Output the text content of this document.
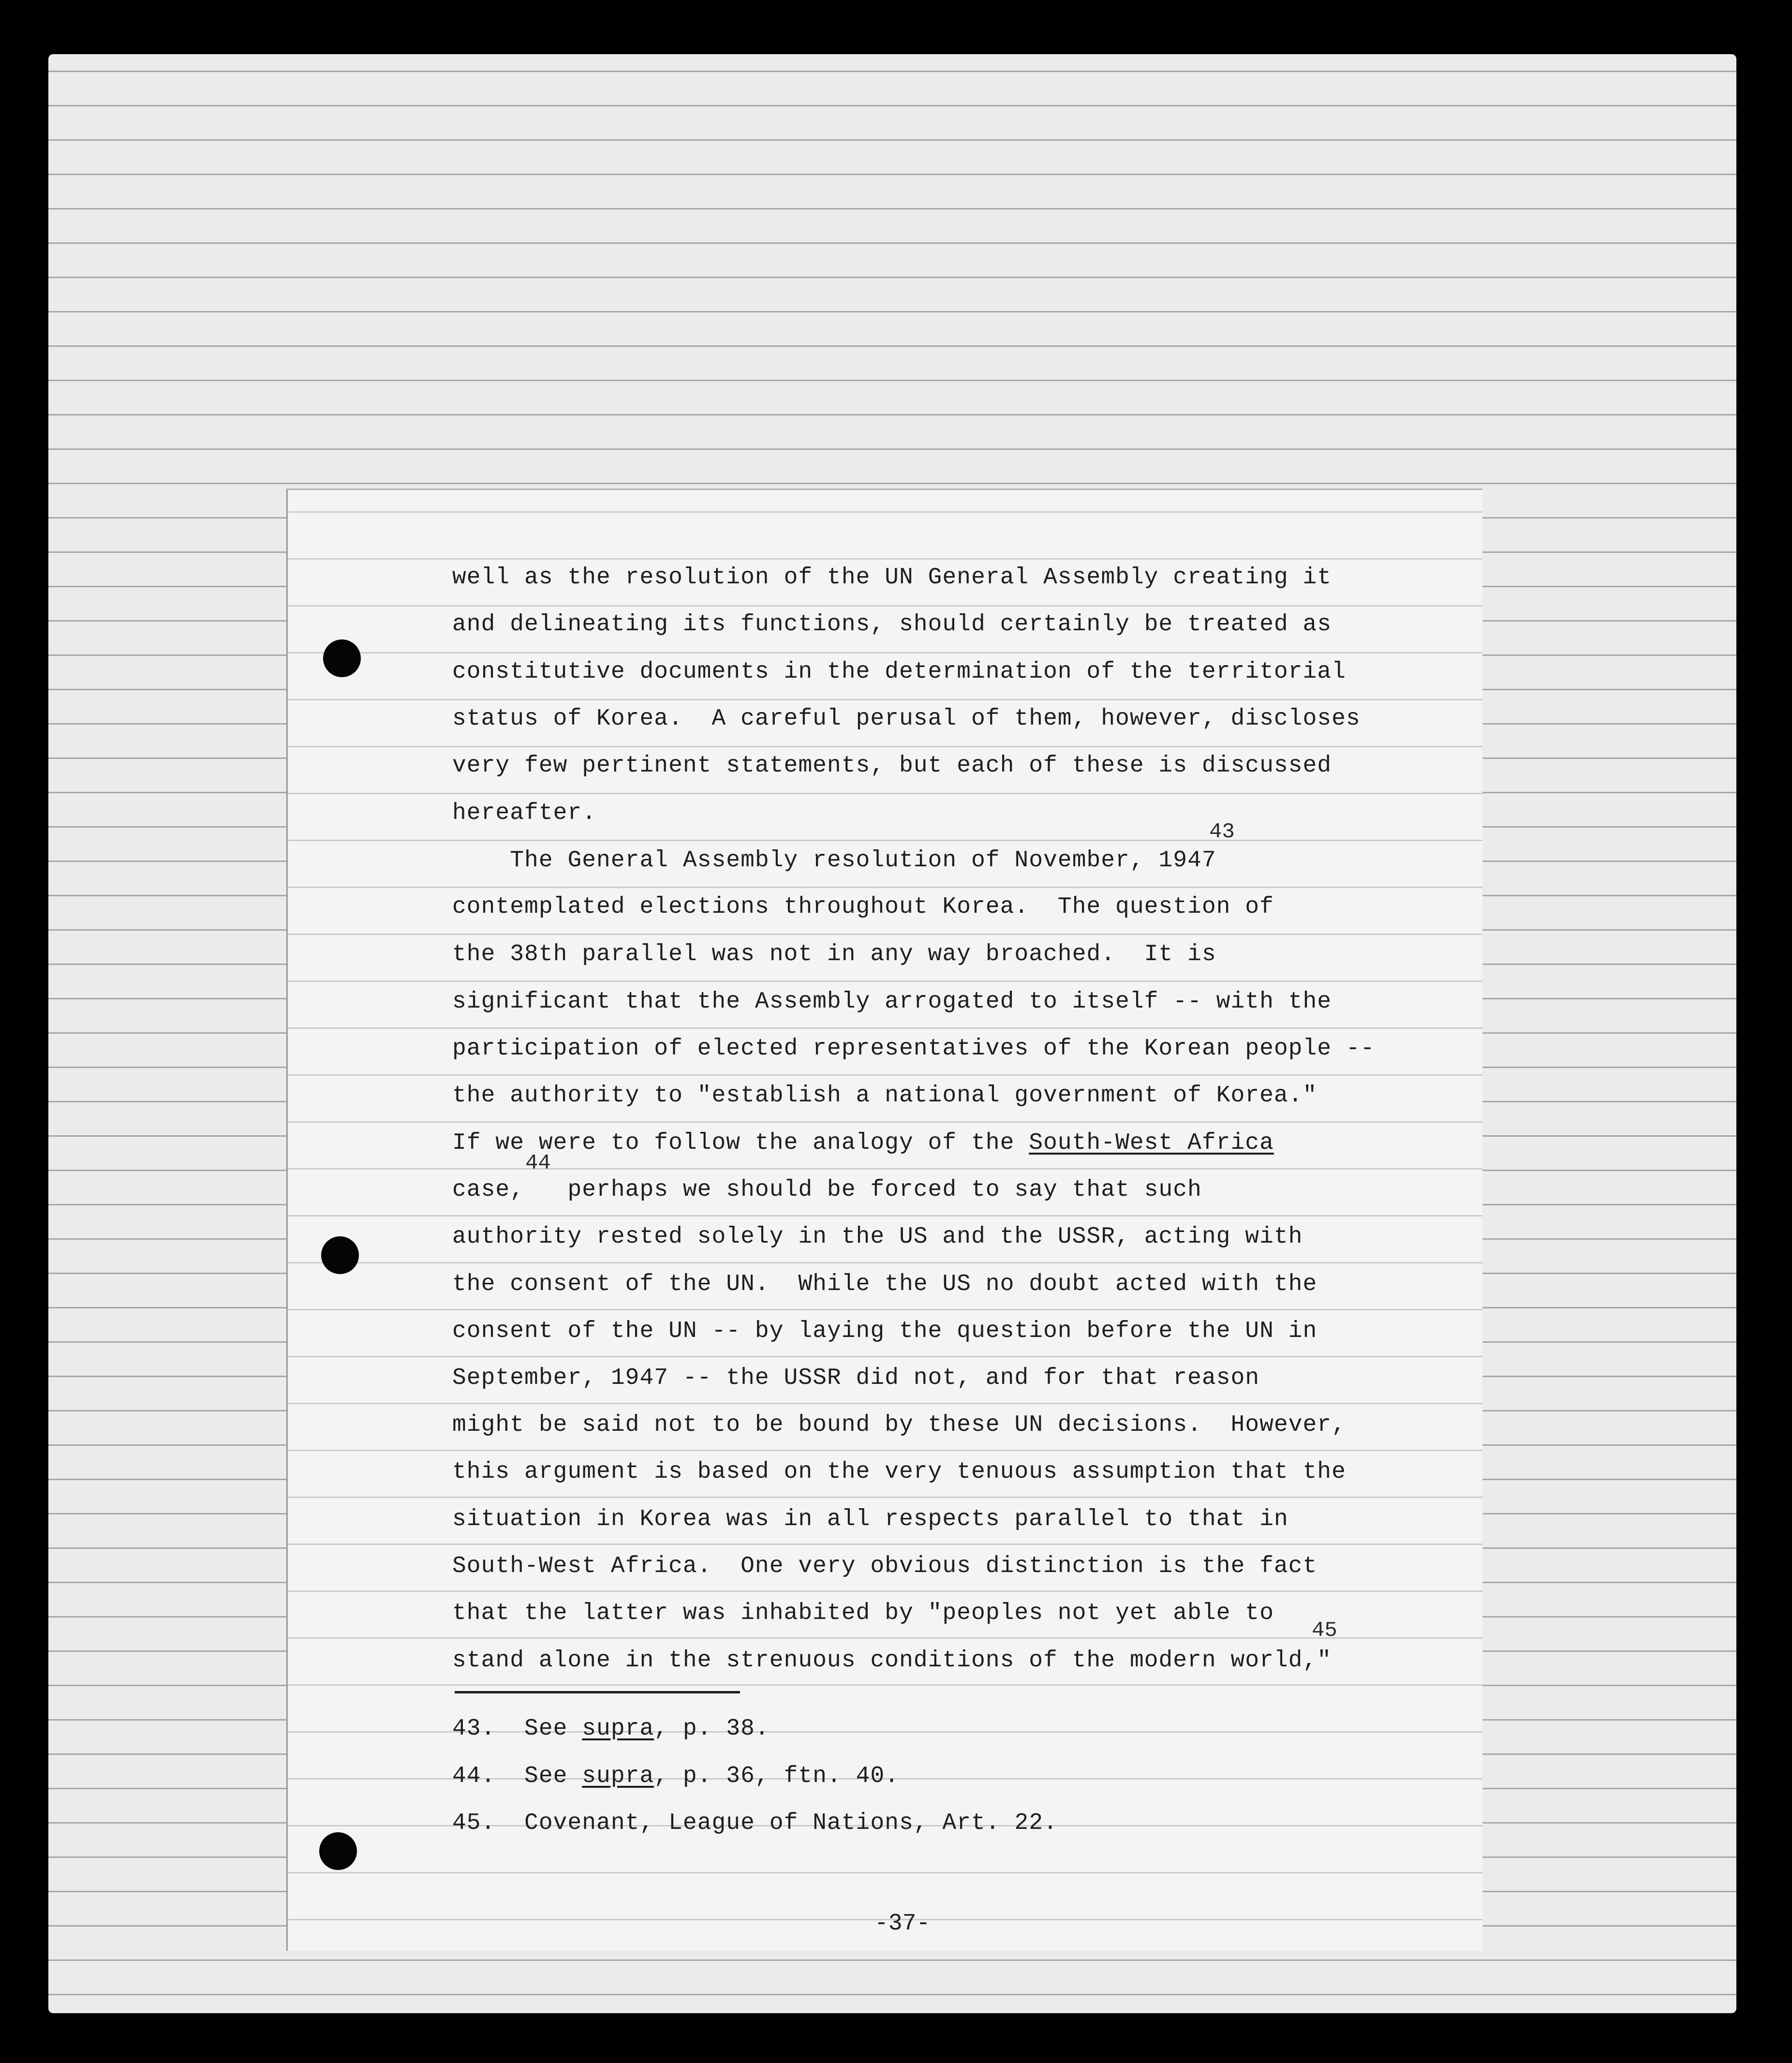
well as the resolution of the UN General Assembly creating it

and delineating its functions, should certainly be treated as

constitutive documents in the determination of the territorial

status of Korea.  A careful perusal of them, however, discloses

very few pertinent statements, but each of these is discussed

hereafter.

The General Assembly resolution of November, 1947

contemplated elections throughout Korea.  The question of

the 38th parallel was not in any way broached.  It is

significant that the Assembly arrogated to itself -- with the

participation of elected representatives of the Korean people --

the authority to "establish a national government of Korea."

If we were to follow the analogy of the South-West Africa

case,   perhaps we should be forced to say that such

authority rested solely in the US and the USSR, acting with

the consent of the UN.  While the US no doubt acted with the

consent of the UN -- by laying the question before the UN in

September, 1947 -- the USSR did not, and for that reason

might be said not to be bound by these UN decisions.  However,

this argument is based on the very tenuous assumption that the

situation in Korea was in all respects parallel to that in

South-West Africa.  One very obvious distinction is the fact

that the latter was inhabited by "peoples not yet able to

stand alone in the strenuous conditions of the modern world,"

43
44
45

43. See supra, p. 38.

44. See supra, p. 36, ftn. 40.

45. Covenant, League of Nations, Art. 22.

-37-
